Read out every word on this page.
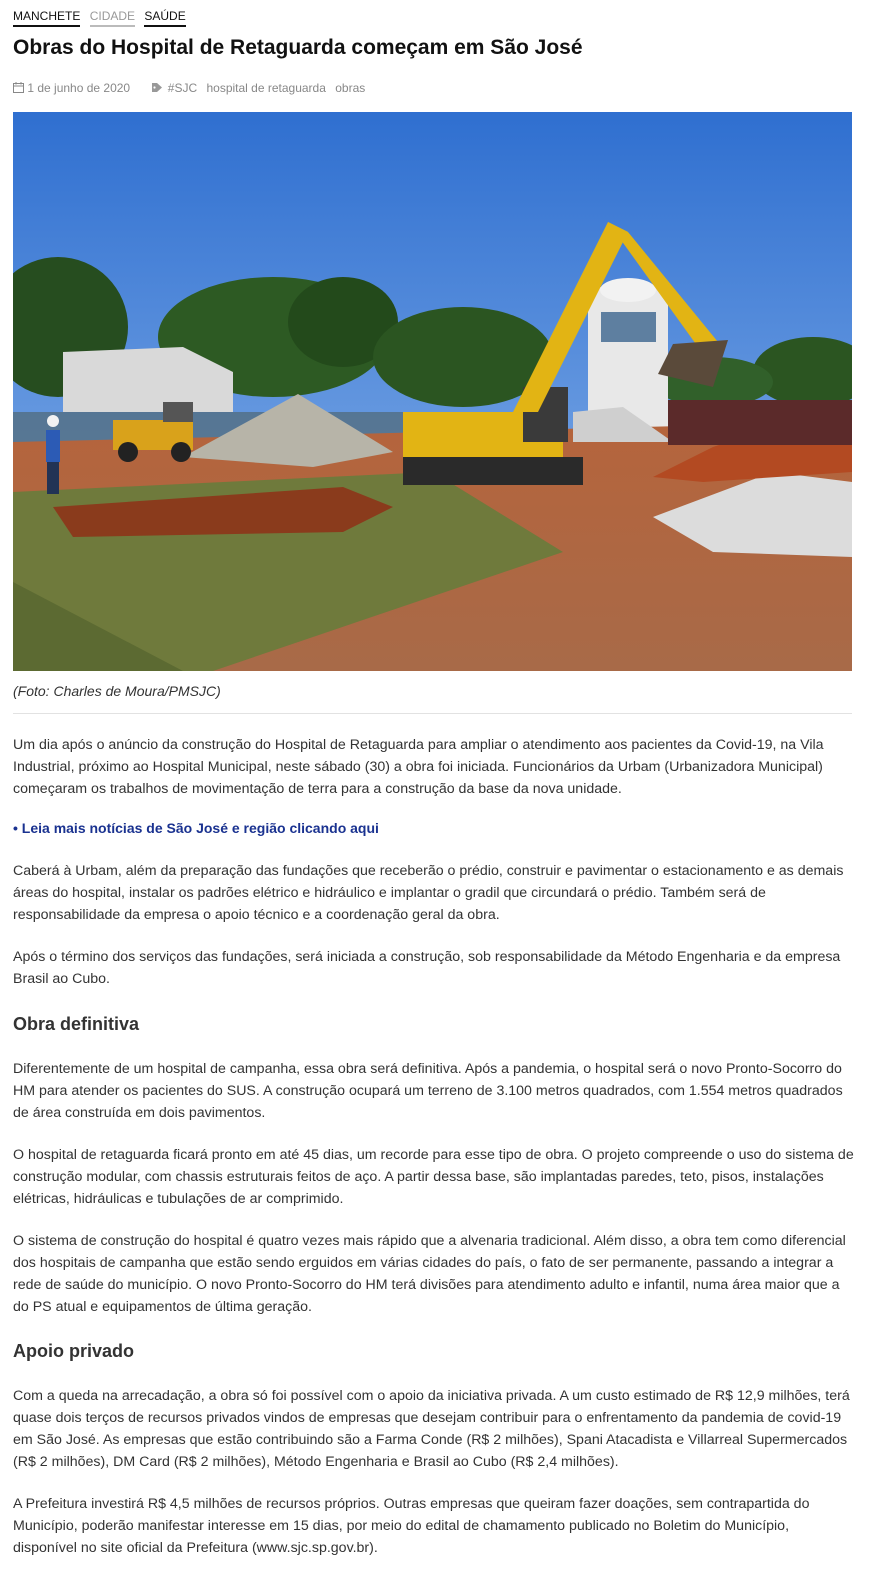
MANCHETE CIDADE SAÚDE
Obras do Hospital de Retaguarda começam em São José
1 de junho de 2020	#SJC hospital de retaguarda obras
(Foto: Charles de Moura/PMSJC)

Um dia após o anúncio da construção do Hospital de Retaguarda para ampliar o atendimento aos pacientes da Covid-19, na Vila Industrial, próximo ao Hospital Municipal, neste sábado (30) a obra foi iniciada. Funcionários da Urbam (Urbanizadora Municipal) começaram os trabalhos de movimentação de terra para a construção da base da nova unidade.

• Leia mais notícias de São José e região clicando aqui

Caberá à Urbam, além da preparação das fundações que receberão o prédio, construir e pavimentar o estacionamento e as demais áreas do hospital, instalar os padrões elétrico e hidráulico e implantar o gradil que circundará o prédio. Também será de responsabilidade da empresa o apoio técnico e a coordenação geral da obra.

Após o término dos serviços das fundações, será iniciada a construção, sob responsabilidade da Método Engenharia e da empresa Brasil ao Cubo.

Obra definitiva

Diferentemente de um hospital de campanha, essa obra será definitiva. Após a pandemia, o hospital será o novo Pronto-Socorro do HM para atender os pacientes do SUS. A construção ocupará um terreno de 3.100 metros quadrados, com 1.554 metros quadrados de área construída em dois pavimentos.

O hospital de retaguarda ficará pronto em até 45 dias, um recorde para esse tipo de obra. O projeto compreende o uso do sistema de construção modular, com chassis estruturais feitos de aço. A partir dessa base, são implantadas paredes, teto, pisos, instalações elétricas, hidráulicas e tubulações de ar comprimido.

O sistema de construção do hospital é quatro vezes mais rápido que a alvenaria tradicional. Além disso, a obra tem como diferencial dos hospitais de campanha que estão sendo erguidos em várias cidades do país, o fato de ser permanente, passando a integrar a rede de saúde do município. O novo Pronto-Socorro do HM terá divisões para atendimento adulto e infantil, numa área maior que a do PS atual e equipamentos de última geração.

Apoio privado

Com a queda na arrecadação, a obra só foi possível com o apoio da iniciativa privada. A um custo estimado de R$ 12,9 milhões, terá quase dois terços de recursos privados vindos de empresas que desejam contribuir para o enfrentamento da pandemia de covid-19 em São José. As empresas que estão contribuindo são a Farma Conde (R$ 2 milhões), Spani Atacadista e Villarreal Supermercados (R$ 2 milhões), DM Card (R$ 2 milhões), Método Engenharia e Brasil ao Cubo (R$ 2,4 milhões).

A Prefeitura investirá R$ 4,5 milhões de recursos próprios. Outras empresas que queiram fazer doações, sem contrapartida do Município, poderão manifestar interesse em 15 dias, por meio do edital de chamamento publicado no Boletim do Município, disponível no site oficial da Prefeitura (www.sjc.sp.gov.br).
